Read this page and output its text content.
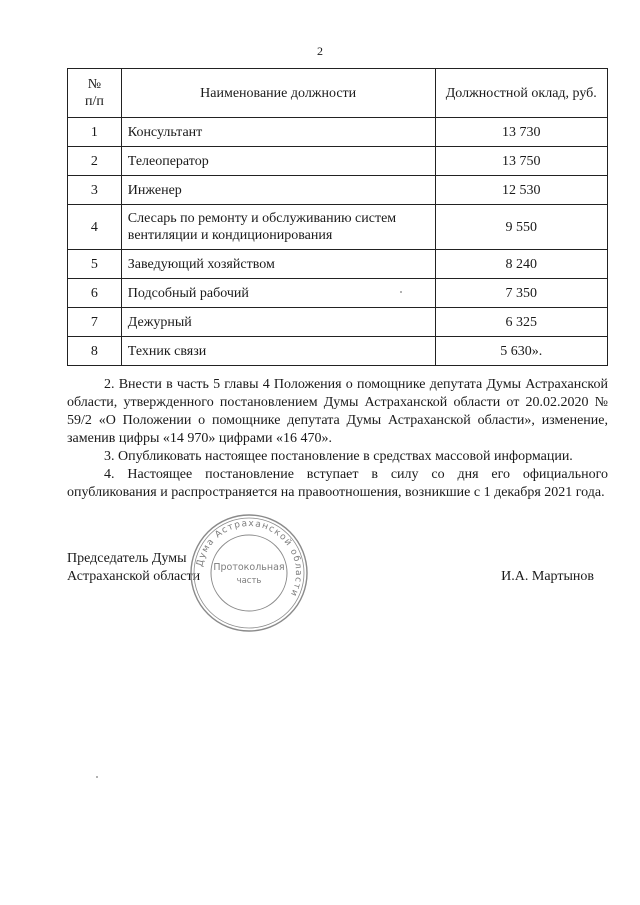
2
№
п/п	Наименование должности	Должностной оклад, руб.
1	Консультант	13 730
2	Телеоператор	13 750
3	Инженер	12 530
4	Слесарь по ремонту и обслуживанию систем вентиляции и кондиционирования	9 550
5	Заведующий хозяйством	8 240
6	Подсобный рабочий	7 350
7	Дежурный	6 325
8	Техник связи	5 630».

2. Внести в часть 5 главы 4 Положения о помощнике депутата Думы Астраханской области, утвержденного постановлением Думы Астраханской области от 20.02.2020 № 59/2 «О Положении о помощнике депутата Думы Астраханской области», изменение, заменив цифры «14 970» цифрами «16 470».

3. Опубликовать настоящее постановление в средствах массовой информации.

4. Настоящее постановление вступает в силу со дня его официального опубликования и распространяется на правоотношения, возникшие с 1 декабря 2021 года.

Председатель Думы
Астраханской области	И.А. Мартынов
Дума Астраханской области
Протокольная
часть
